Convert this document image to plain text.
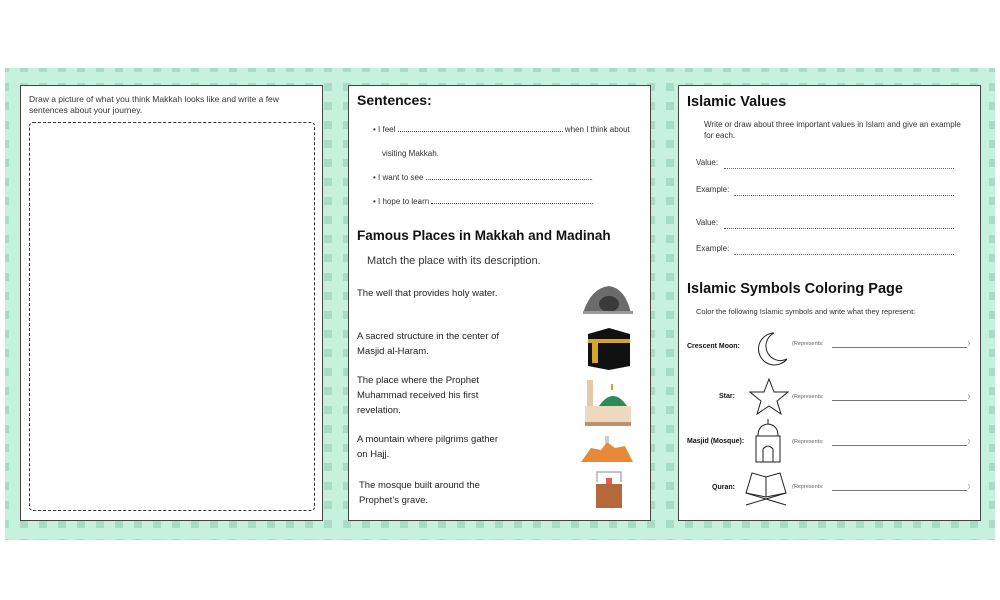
Draw a picture of what you think Makkah looks like and write a few sentences about your journey.
Sentences:
• I feel	when I think about
visiting Makkah.
• I want to see	.
• I hope to learn	.
Famous Places in Makkah and Madinah
Match the place with its description.
The well that provides holy water.
A sacred structure in the center of Masjid al-Haram.
The place where the Prophet Muhammad received his first revelation.
A mountain where pilgrims gather on Hajj.
The mosque built around the Prophet’s grave.
Islamic Values
Write or draw about three important values in Islam and give an example for each.
Value:
Example:
Value:
Example:
Islamic Symbols Coloring Page
Color the following Islamic symbols and write what they represent:
Crescent Moon:	(Represents:	)
Star:	(Represents:	)
Masjid (Mosque):	(Represents:	)
Quran:	(Represents:	)
